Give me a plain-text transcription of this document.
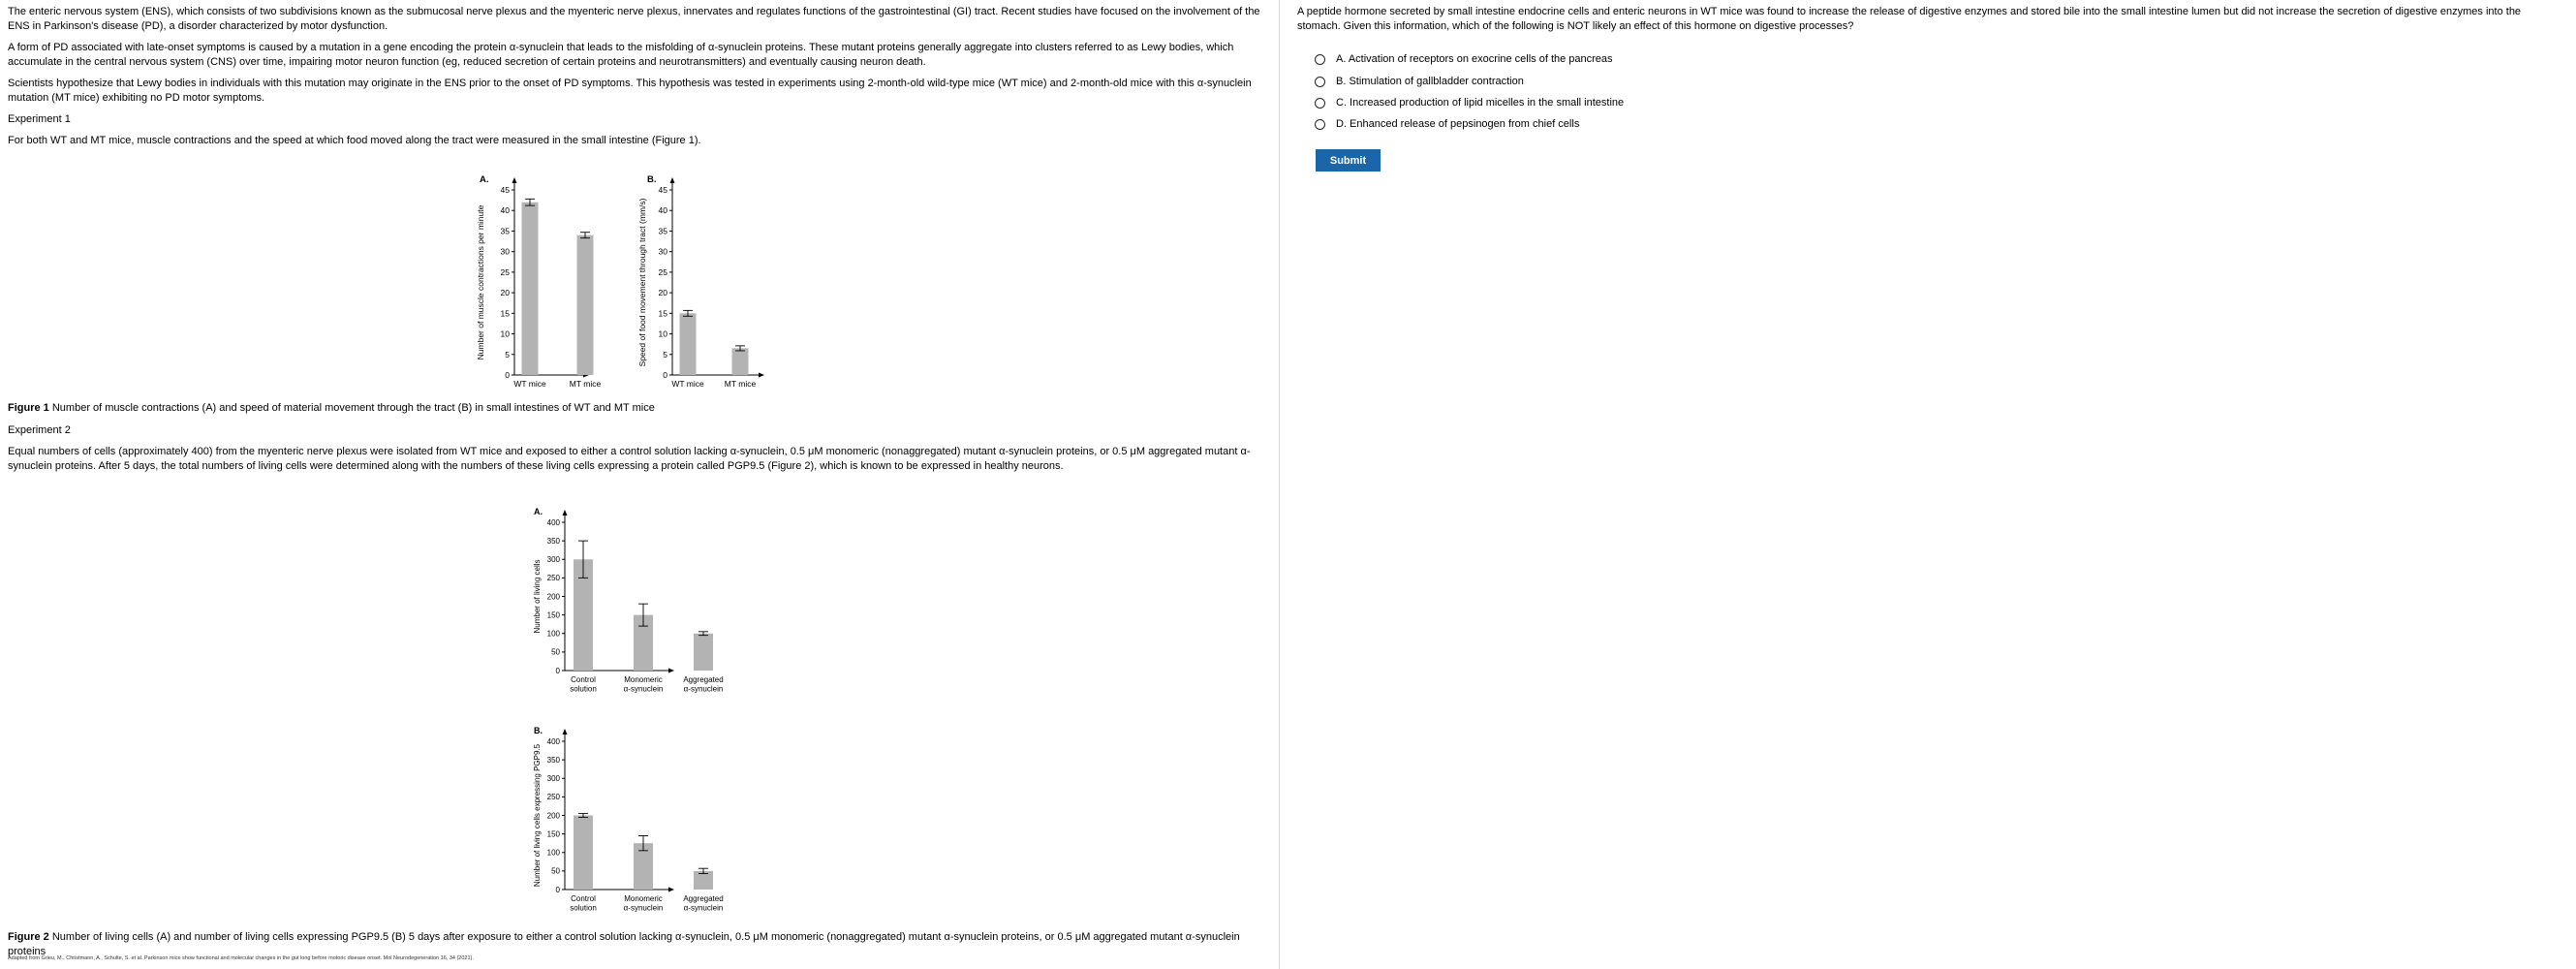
The enteric nervous system (ENS), which consists of two subdivisions known as the submucosal nerve plexus and the myenteric nerve plexus, innervates and regulates functions of the gastrointestinal (GI) tract. Recent studies have focused on the involvement of the ENS in Parkinson's disease (PD), a disorder characterized by motor dysfunction.

A form of PD associated with late-onset symptoms is caused by a mutation in a gene encoding the protein α-synuclein that leads to the misfolding of α-synuclein proteins. These mutant proteins generally aggregate into clusters referred to as Lewy bodies, which accumulate in the central nervous system (CNS) over time, impairing motor neuron function (eg, reduced secretion of certain proteins and neurotransmitters) and eventually causing neuron death.

Scientists hypothesize that Lewy bodies in individuals with this mutation may originate in the ENS prior to the onset of PD symptoms. This hypothesis was tested in experiments using 2-month-old wild-type mice (WT mice) and 2-month-old mice with this α-synuclein mutation (MT mice) exhibiting no PD motor symptoms.

Experiment 1

For both WT and MT mice, muscle contractions and the speed at which food moved along the tract were measured in the small intestine (Figure 1).

A.
0
5
10
15
20
25
30
35
40
45
Number of muscle contractions per minute
WT mice	MT mice
B.
0
5
10
15
20
25
30
35
40
45
Speed of food movement through tract (mm/s)
WT mice MT mice

Figure 1 Number of muscle contractions (A) and speed of material movement through the tract (B) in small intestines of WT and MT mice

Experiment 2

Equal numbers of cells (approximately 400) from the myenteric nerve plexus were isolated from WT mice and exposed to either a control solution lacking α-synuclein, 0.5 μM monomeric (nonaggregated) mutant α-synuclein proteins, or 0.5 μM aggregated mutant α-synuclein proteins. After 5 days, the total numbers of living cells were determined along with the numbers of these living cells expressing a protein called PGP9.5 (Figure 2), which is known to be expressed in healthy neurons.

A.
0
50
100
150
200
250
300
350
400
Number of living cells
Control
solution
Monomeric
α-synuclein
Aggregated
α-synuclein
B.
0
50
100
150
200
250
300
350
400
Number of living cells expressing PGP9.5
Control
solution
Monomeric
α-synuclein
Aggregated
α-synuclein

Figure 2 Number of living cells (A) and number of living cells expressing PGP9.5 (B) 5 days after exposure to either a control solution lacking α-synuclein, 0.5 μM monomeric (nonaggregated) mutant α-synuclein proteins, or 0.5 μM aggregated mutant α-synuclein proteins

Adapted from Grieu, M., Christmann, A., Schulte, S. et al. Parkinson mice show functional and molecular changes in the gut long before motoric disease onset. Mol Neurodegeneration 16, 34 (2021).

A peptide hormone secreted by small intestine endocrine cells and enteric neurons in WT mice was found to increase the release of digestive enzymes and stored bile into the small intestine lumen but did not increase the secretion of digestive enzymes into the stomach. Given this information, which of the following is NOT likely an effect of this hormone on digestive processes?

A. Activation of receptors on exocrine cells of the pancreas
B. Stimulation of gallbladder contraction
C. Increased production of lipid micelles in the small intestine
D. Enhanced release of pepsinogen from chief cells
Submit
